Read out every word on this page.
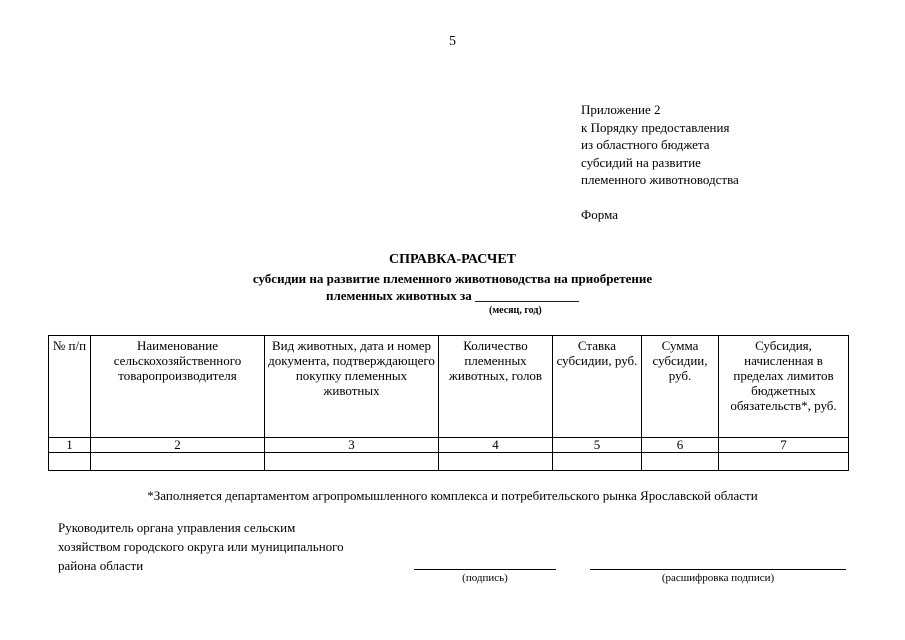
5
Приложение 2
к Порядку предоставления
из областного бюджета
субсидий на развитие
племенного животноводства
Форма
СПРАВКА-РАСЧЕТ
субсидии на развитие племенного животноводства на приобретение
племенных животных за ________________
(месяц, год)
№ п/п	Наименование сельскохозяйственного товаропроизводителя	Вид животных, дата и номер документа, подтверждающего покупку племенных животных	Количество племенных животных, голов	Ставка субсидии, руб.	Сумма субсидии, руб.	Субсидия, начисленная в пределах лимитов бюджетных обязательств*, руб.
1	2	3	4	5	6	7

*Заполняется департаментом агропромышленного комплекса и потребительского рынка Ярославской области
Руководитель органа управления сельским
хозяйством городского округа или муниципального
района области
(подпись)	(расшифровка подписи)
